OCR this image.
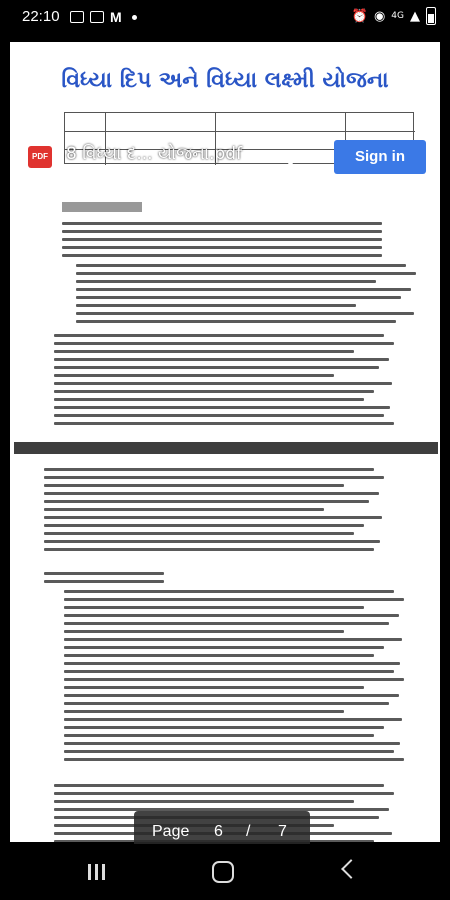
22:10	M	⏰ ◉ 4G ▲
વિધ્યા દિપ અને વિધ્યા લક્ષ્મી યોજના
PDF 8 વિધ્યા દ... યોજના.pdf	Sign in
Page 6 / 7
